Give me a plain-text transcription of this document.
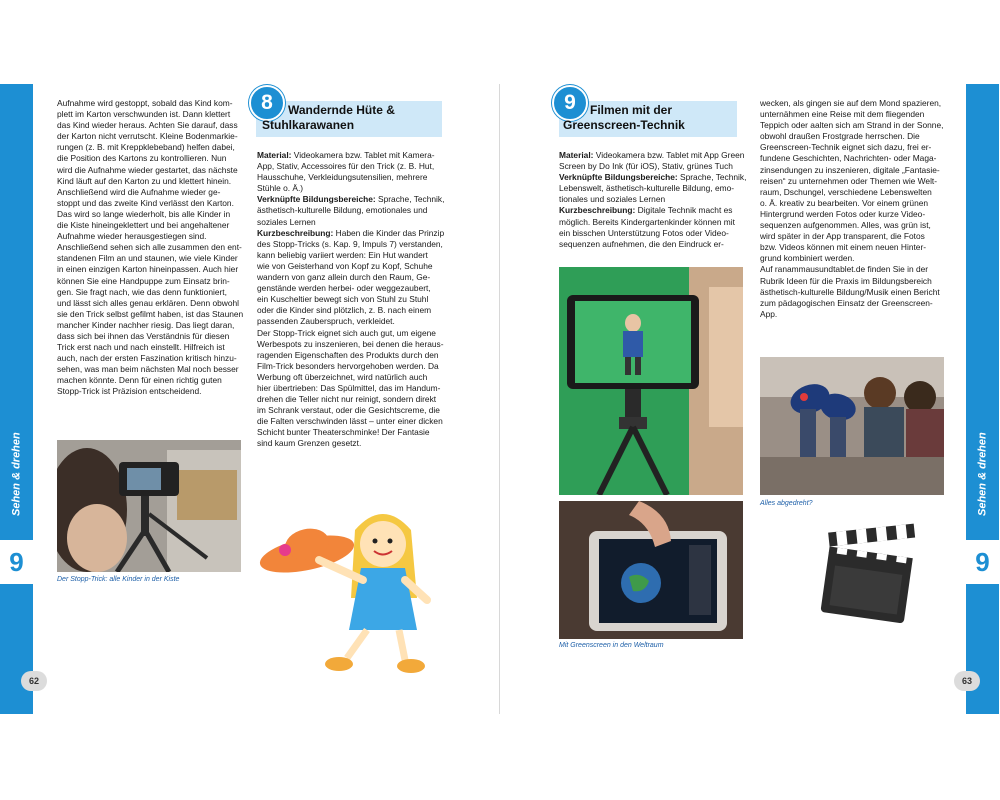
Sehen & drehen
9
Sehen & drehen
9
62	63

Aufnahme wird gestoppt, sobald das Kind kom-

plett im Karton verschwunden ist. Dann klettert

das Kind wieder heraus. Achten Sie darauf, dass

der Karton nicht verrutscht. Kleine Bodenmarkie-

rungen (z. B. mit Kreppklebeband) helfen dabei,

die Position des Kartons zu kontrollieren. Nun

wird die Aufnahme wieder gestartet, das nächste

Kind läuft auf den Karton zu und klettert hinein.

Anschließend wird die Aufnahme wieder ge-

stoppt und das zweite Kind verlässt den Karton.

Das wird so lange wiederholt, bis alle Kinder in

die Kiste hineingeklettert und bei angehaltener

Aufnahme wieder herausgestiegen sind.

Anschließend sehen sich alle zusammen den ent-

standenen Film an und staunen, wie viele Kinder

in einen einzigen Karton hineinpassen. Auch hier

können Sie eine Handpuppe zum Einsatz brin-

gen. Sie fragt nach, wie das denn funktioniert,

und lässt sich alles genau erklären. Denn obwohl

sie den Trick selbst gefilmt haben, ist das Staunen

mancher Kinder nachher riesig. Das liegt daran,

dass sich bei ihnen das Verständnis für diesen

Trick erst nach und nach einstellt. Hilfreich ist

auch, nach der ersten Faszination kritisch hinzu-

sehen, was man beim nächsten Mal noch besser

machen könnte. Denn für einen richtig guten

Stopp-Trick ist Präzision entscheidend.

Der Stopp-Trick: alle Kinder in der Kiste
8	Wandernde Hüte &
Stuhlkarawanen

Material: Videokamera bzw. Tablet mit Kamera-

App, Stativ, Accessoires für den Trick (z. B. Hut,

Hausschuhe, Verkleidungsutensilien, mehrere

Stühle o. Ä.)

Verknüpfte Bildungsbereiche: Sprache, Technik,

ästhetisch-kulturelle Bildung, emotionales und

soziales Lernen

Kurzbeschreibung: Haben die Kinder das Prinzip

des Stopp-Tricks (s. Kap. 9, Impuls 7) verstanden,

kann beliebig variiert werden: Ein Hut wandert

wie von Geisterhand von Kopf zu Kopf, Schuhe

wandern von ganz allein durch den Raum, Ge-

genstände werden herbei- oder weggezaubert,

ein Kuscheltier bewegt sich von Stuhl zu Stuhl

oder die Kinder sind plötzlich, z. B. nach einem

passenden Zauberspruch, verkleidet.

Der Stopp-Trick eignet sich auch gut, um eigene

Werbespots zu inszenieren, bei denen die heraus-

ragenden Eigenschaften des Produkts durch den

Film-Trick besonders hervorgehoben werden. Da

Werbung oft überzeichnet, wird natürlich auch

hier übertrieben: Das Spülmittel, das im Handum-

drehen die Teller nicht nur reinigt, sondern direkt

im Schrank verstaut, oder die Gesichtscreme, die

die Falten verschwinden lässt – unter einer dicken

Schicht bunter Theaterschminke! Der Fantasie

sind kaum Grenzen gesetzt.

9	Filmen mit der
Greenscreen-Technik

Material: Videokamera bzw. Tablet mit App Green

Screen by Do Ink (für iOS), Stativ, grünes Tuch

Verknüpfte Bildungsbereiche: Sprache, Technik,

Lebenswelt, ästhetisch-kulturelle Bildung, emo-

tionales und soziales Lernen

Kurzbeschreibung: Digitale Technik macht es

möglich. Bereits Kindergartenkinder können mit

ein bisschen Unterstützung Fotos oder Video-

sequenzen aufnehmen, die den Eindruck er-

Mit Greenscreen in den Weltraum

wecken, als gingen sie auf dem Mond spazieren,

unternähmen eine Reise mit dem fliegenden

Teppich oder aalten sich am Strand in der Sonne,

obwohl draußen Frostgrade herrschen. Die

Greenscreen-Technik eignet sich dazu, frei er-

fundene Geschichten, Nachrichten- oder Maga-

zinsendungen zu inszenieren, digitale „Fantasie-

reisen“ zu unternehmen oder Themen wie Welt-

raum, Dschungel, verschiedene Lebenswelten

o. Ä. kreativ zu bearbeiten. Vor einem grünen

Hintergrund werden Fotos oder kurze Video-

sequenzen aufgenommen. Alles, was grün ist,

wird später in der App transparent, die Fotos

bzw. Videos können mit einem neuen Hinter-

grund kombiniert werden.

Auf ranammausundtablet.de finden Sie in der

Rubrik Ideen für die Praxis im Bildungsbereich

ästhetisch-kulturelle Bildung/Musik einen Bericht

zum pädagogischen Einsatz der Greenscreen-

App.

Alles abgedreht?
